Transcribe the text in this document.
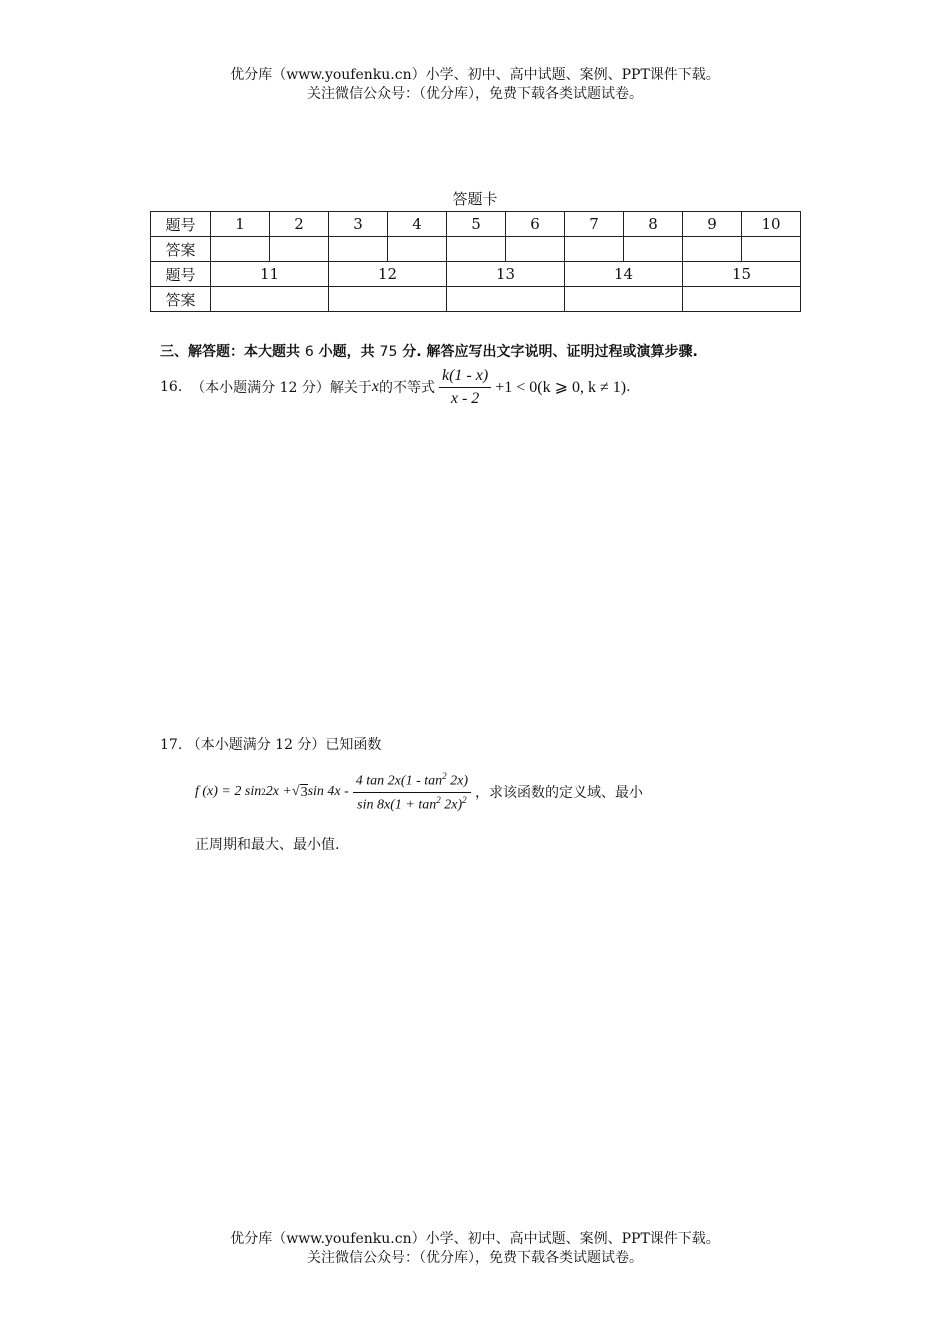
优分库（www.youfenku.cn）小学、初中、高中试题、案例、PPT课件下载。
关注微信公众号：（优分库），免费下载各类试题试卷。
答题卡
题号	1	2	3	4	5	6	7	8	9	10
答案										
题号	11		12		13		14		15	
答案										
三、解答题：本大题共 6 小题，共 75 分. 解答应写出文字说明、证明过程或演算步骤.
16. （本小题满分 12 分）解关于 x 的不等式 $\frac{k(1 - x)}{x - 2} +1 < 0(k$ ⩾ 0, k ≠ 1) .
17. （本小题满分 12 分）已知函数
f (x) = 2 sin 2 2x + √ 3 $\sin 4x - \frac{4 \tan 2x(1 - \tan^2 2x)}{\sin 8x(1 + \tan^2 2x)^2}$ ，求该函数的定义域、最小
正周期和最大、最小值.
优分库（www.youfenku.cn）小学、初中、高中试题、案例、PPT课件下载。
关注微信公众号：（优分库），免费下载各类试题试卷。
